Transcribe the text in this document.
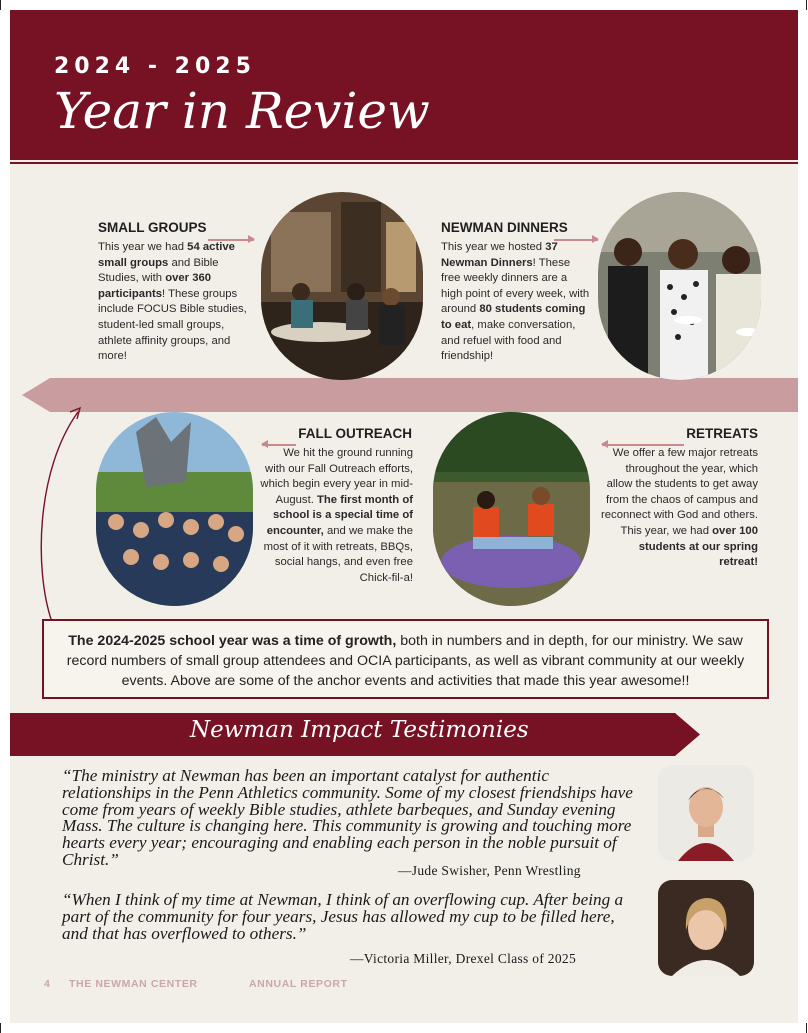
2024 - 2025
Year in Review
SMALL GROUPS
This year we had 54 active small groups and Bible Studies, with over 360 participants! These groups include FOCUS Bible studies, student-led small groups, athlete affinity groups, and more!
NEWMAN DINNERS
This year we hosted 37 Newman Dinners! These free weekly dinners are a high point of every week, with around 80 students coming to eat, make conversation, and refuel with food and friendship!
FALL OUTREACH
We hit the ground running with our Fall Outreach efforts, which begin every year in mid-August. The first month of school is a special time of encounter, and we make the most of it with retreats, BBQs, social hangs, and even free Chick-fil-a!
RETREATS
We offer a few major retreats throughout the year, which allow the students to get away from the chaos of campus and reconnect with God and others. This year, we had over 100 students at our spring retreat!
The 2024-2025 school year was a time of growth, both in numbers and in depth, for our ministry. We saw record numbers of small group attendees and OCIA participants, as well as vibrant community at our weekly events. Above are some of the anchor events and activities that made this year awesome!!
Newman Impact Testimonies
“The ministry at Newman has been an important catalyst for authentic relationships in the Penn Athletics community. Some of my closest friendships have come from years of weekly Bible studies, athlete barbeques, and Sunday evening Mass. The culture is changing here. This community is growing and touching more hearts every year; encouraging and enabling each person in the noble pursuit of Christ.”
—Jude Swisher, Penn Wrestling
“When I think of my time at Newman, I think of an overflowing cup. After being a part of the community for four years, Jesus has allowed my cup to be filled here, and that has overflowed to others.”
—Victoria Miller, Drexel Class of 2025
4 THE NEWMAN CENTER	ANNUAL REPORT
